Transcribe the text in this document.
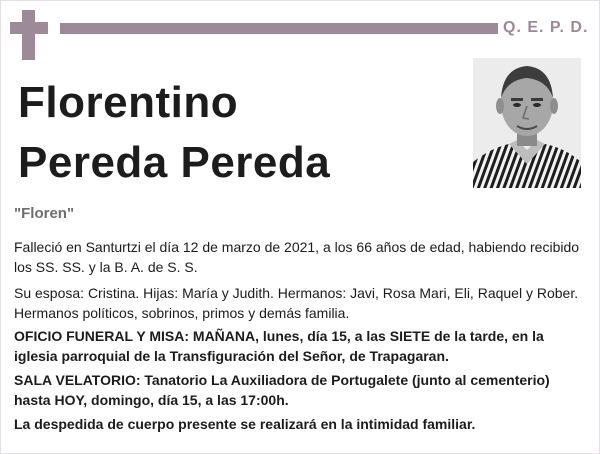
Q. E. P. D.
Florentino
Pereda Pereda
"Floren"

Falleció en Santurtzi el día 12 de marzo de 2021, a los 66 años de edad, habiendo recibido los SS. SS. y la B. A. de S. S.

Su esposa: Cristina. Hijas: María y Judith. Hermanos: Javi, Rosa Mari, Eli, Raquel y Rober. Hermanos políticos, sobrinos, primos y demás familia.

OFICIO FUNERAL Y MISA: MAÑANA, lunes, día 15, a las SIETE de la tarde, en la iglesia parroquial de la Transfiguración del Señor, de Trapagaran.

SALA VELATORIO: Tanatorio La Auxiliadora de Portugalete (junto al cementerio) hasta HOY, domingo, día 15, a las 17:00h.

La despedida de cuerpo presente se realizará en la intimidad familiar.
